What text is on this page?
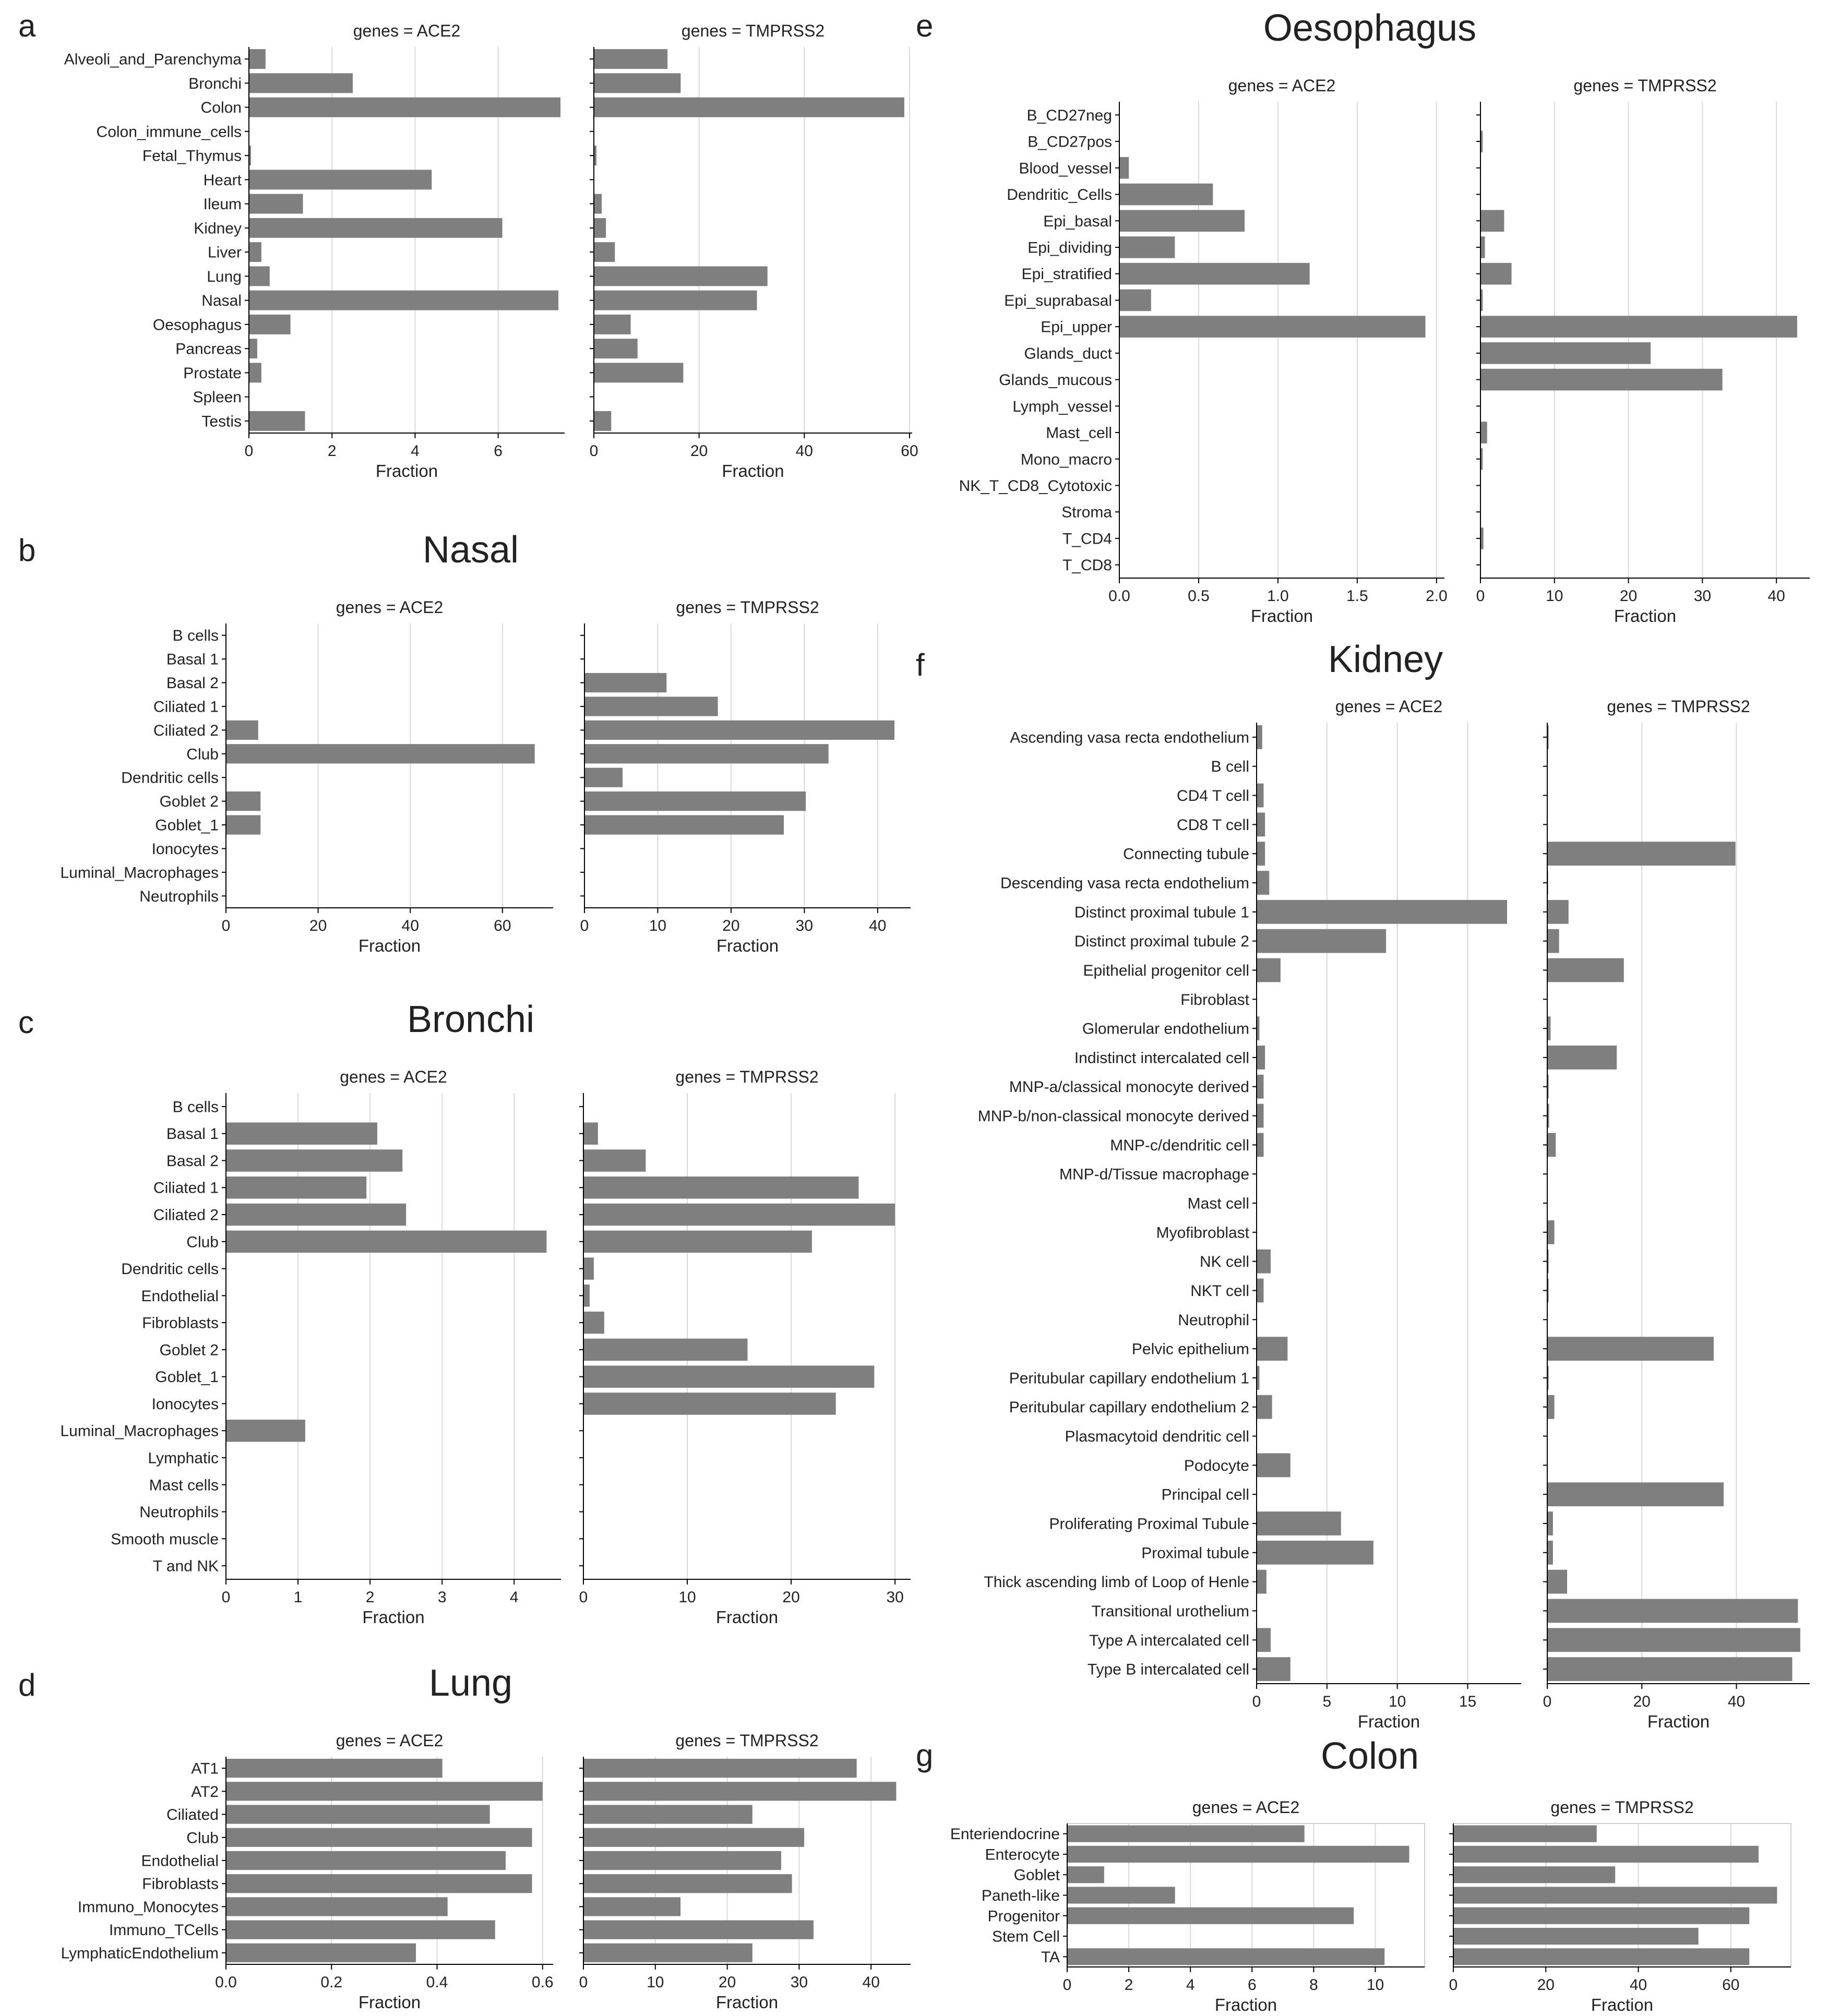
a
b
c
d
e
f
g
Nasal
Bronchi
Lung
Oesophagus
Kidney
Colon
0	2	4	6
genes = ACE2
Fraction
0	20	40	60
genes = TMPRSS2
Fraction
Alveoli_and_Parenchyma
Bronchi
Colon
Colon_immune_cells
Fetal_Thymus
Heart
Ileum
Kidney
Liver
Lung
Nasal
Oesophagus
Pancreas
Prostate
Spleen
Testis
0	20	40	60
genes = ACE2
Fraction
0	10	20	30	40
genes = TMPRSS2
Fraction
B cells
Basal 1
Basal 2
Ciliated 1
Ciliated 2
Club
Dendritic cells
Goblet 2
Goblet_1
Ionocytes
Luminal_Macrophages
Neutrophils
0	1	2	3	4
genes = ACE2
Fraction
0	10	20	30
genes = TMPRSS2
Fraction
B cells
Basal 1
Basal 2
Ciliated 1
Ciliated 2
Club
Dendritic cells
Endothelial
Fibroblasts
Goblet 2
Goblet_1
Ionocytes
Luminal_Macrophages
Lymphatic
Mast cells
Neutrophils
Smooth muscle
T and NK
0.0	0.2	0.4	0.6
genes = ACE2
Fraction
0	10	20	30	40
genes = TMPRSS2
Fraction
AT1
AT2
Ciliated
Club
Endothelial
Fibroblasts
Immuno_Monocytes
Immuno_TCells
LymphaticEndothelium
0.0	0.5	1.0	1.5	2.0
genes = ACE2
Fraction
0	10	20	30	40
genes = TMPRSS2
Fraction
B_CD27neg
B_CD27pos
Blood_vessel
Dendritic_Cells
Epi_basal
Epi_dividing
Epi_stratified
Epi_suprabasal
Epi_upper
Glands_duct
Glands_mucous
Lymph_vessel
Mast_cell
Mono_macro
NK_T_CD8_Cytotoxic
Stroma
T_CD4
T_CD8
0	5	10	15
genes = ACE2
Fraction
0	20	40
genes = TMPRSS2
Fraction
Ascending vasa recta endothelium
B cell
CD4 T cell
CD8 T cell
Connecting tubule
Descending vasa recta endothelium
Distinct proximal tubule 1
Distinct proximal tubule 2
Epithelial progenitor cell
Fibroblast
Glomerular endothelium
Indistinct intercalated cell
MNP-a/classical monocyte derived
MNP-b/non-classical monocyte derived
MNP-c/dendritic cell
MNP-d/Tissue macrophage
Mast cell
Myofibroblast
NK cell
NKT cell
Neutrophil
Pelvic epithelium
Peritubular capillary endothelium 1
Peritubular capillary endothelium 2
Plasmacytoid dendritic cell
Podocyte
Principal cell
Proliferating Proximal Tubule
Proximal tubule
Thick ascending limb of Loop of Henle
Transitional urothelium
Type A intercalated cell
Type B intercalated cell
0	2	4	6	8	10
genes = ACE2
Fraction
0	20	40	60
genes = TMPRSS2
Fraction
Enteriendocrine
Enterocyte
Goblet
Paneth-like
Progenitor
Stem Cell
TA
